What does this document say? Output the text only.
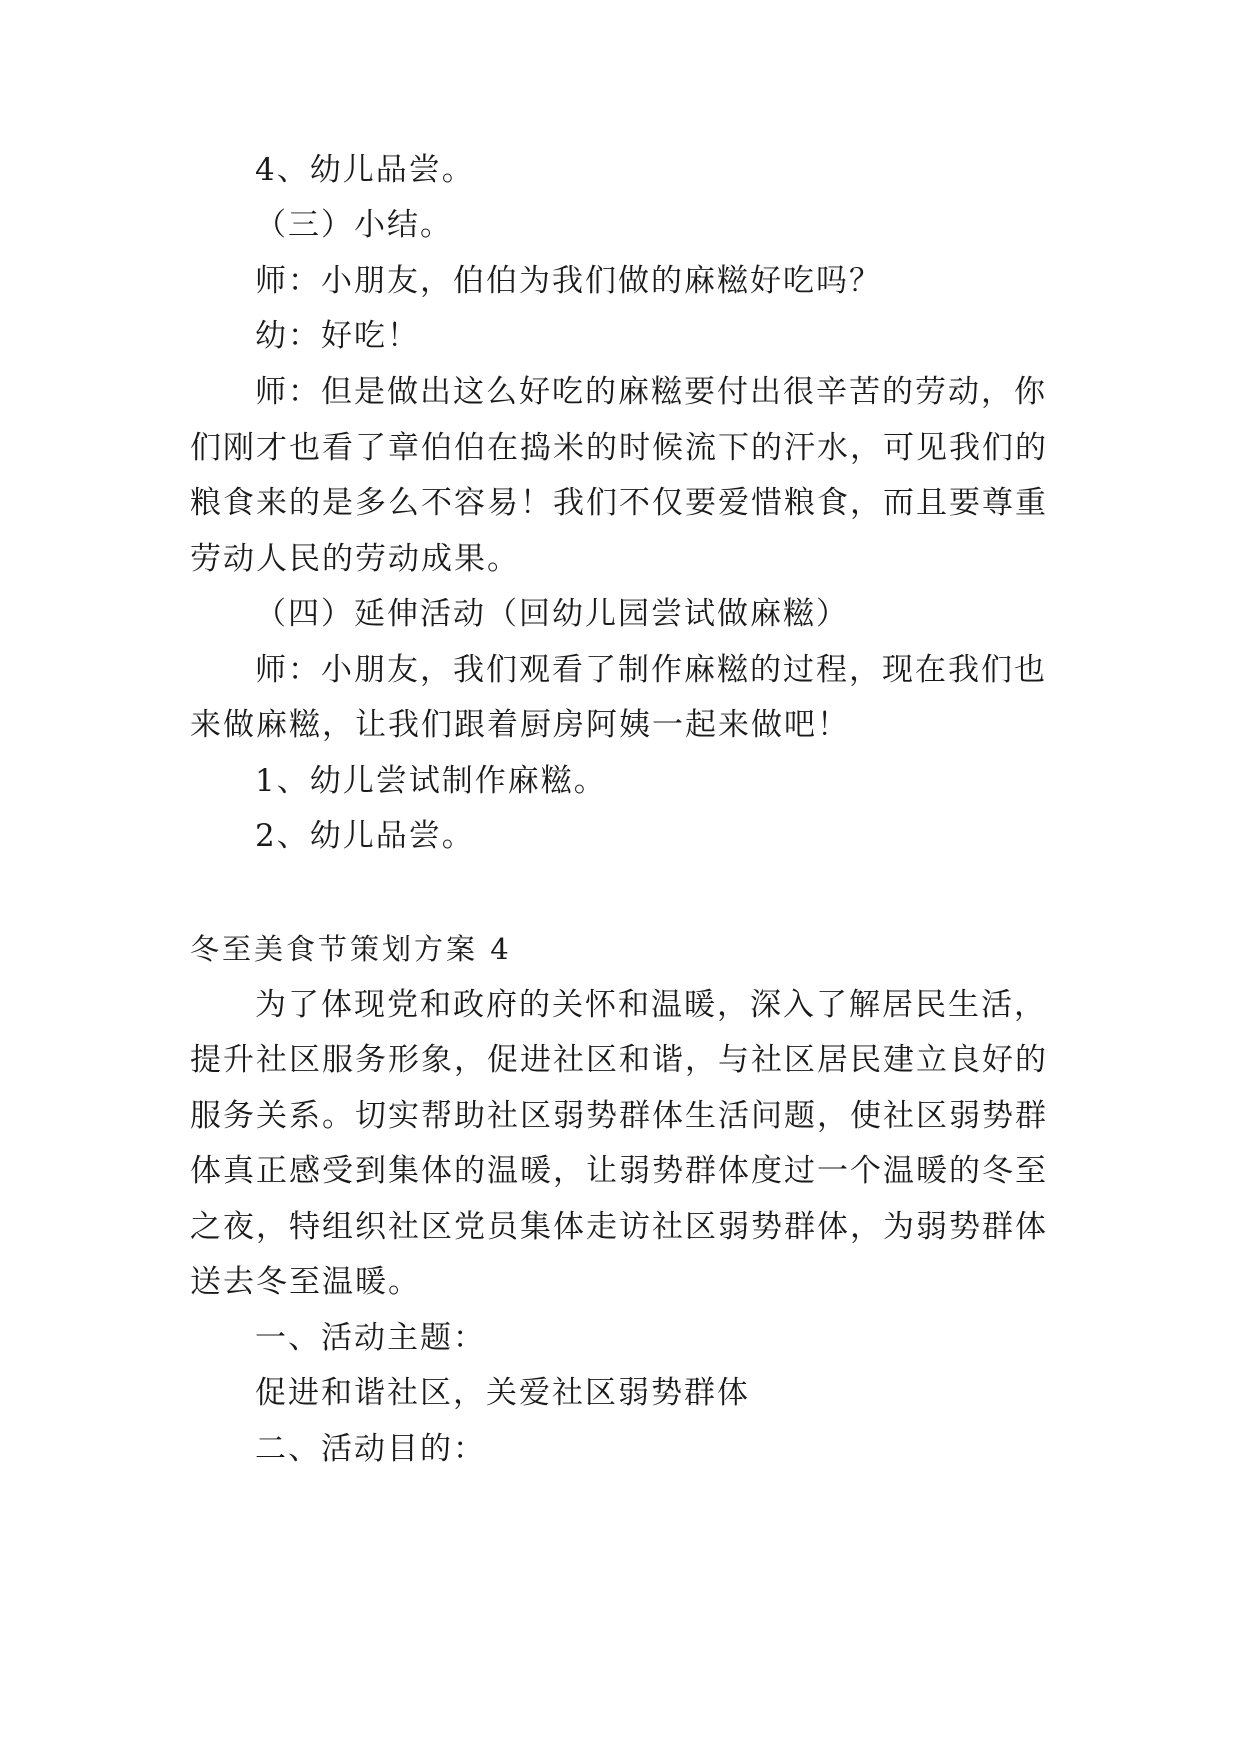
4、幼儿品尝。
（三）小结。
师：小朋友，伯伯为我们做的麻糍好吃吗？
幼：好吃！
师：但是做出这么好吃的麻糍要付出很辛苦的劳动，你
们刚才也看了章伯伯在捣米的时候流下的汗水，可见我们的
粮食来的是多么不容易！我们不仅要爱惜粮食，而且要尊重
劳动人民的劳动成果。
（四）延伸活动（回幼儿园尝试做麻糍）
师：小朋友，我们观看了制作麻糍的过程，现在我们也
来做麻糍，让我们跟着厨房阿姨一起来做吧！
1、幼儿尝试制作麻糍。
2、幼儿品尝。
冬至美食节策划方案 4
为了体现党和政府的关怀和温暖，深入了解居民生活，
提升社区服务形象，促进社区和谐，与社区居民建立良好的
服务关系。切实帮助社区弱势群体生活问题，使社区弱势群
体真正感受到集体的温暖，让弱势群体度过一个温暖的冬至
之夜，特组织社区党员集体走访社区弱势群体，为弱势群体
送去冬至温暖。
一、活动主题：
促进和谐社区，关爱社区弱势群体
二、活动目的：
